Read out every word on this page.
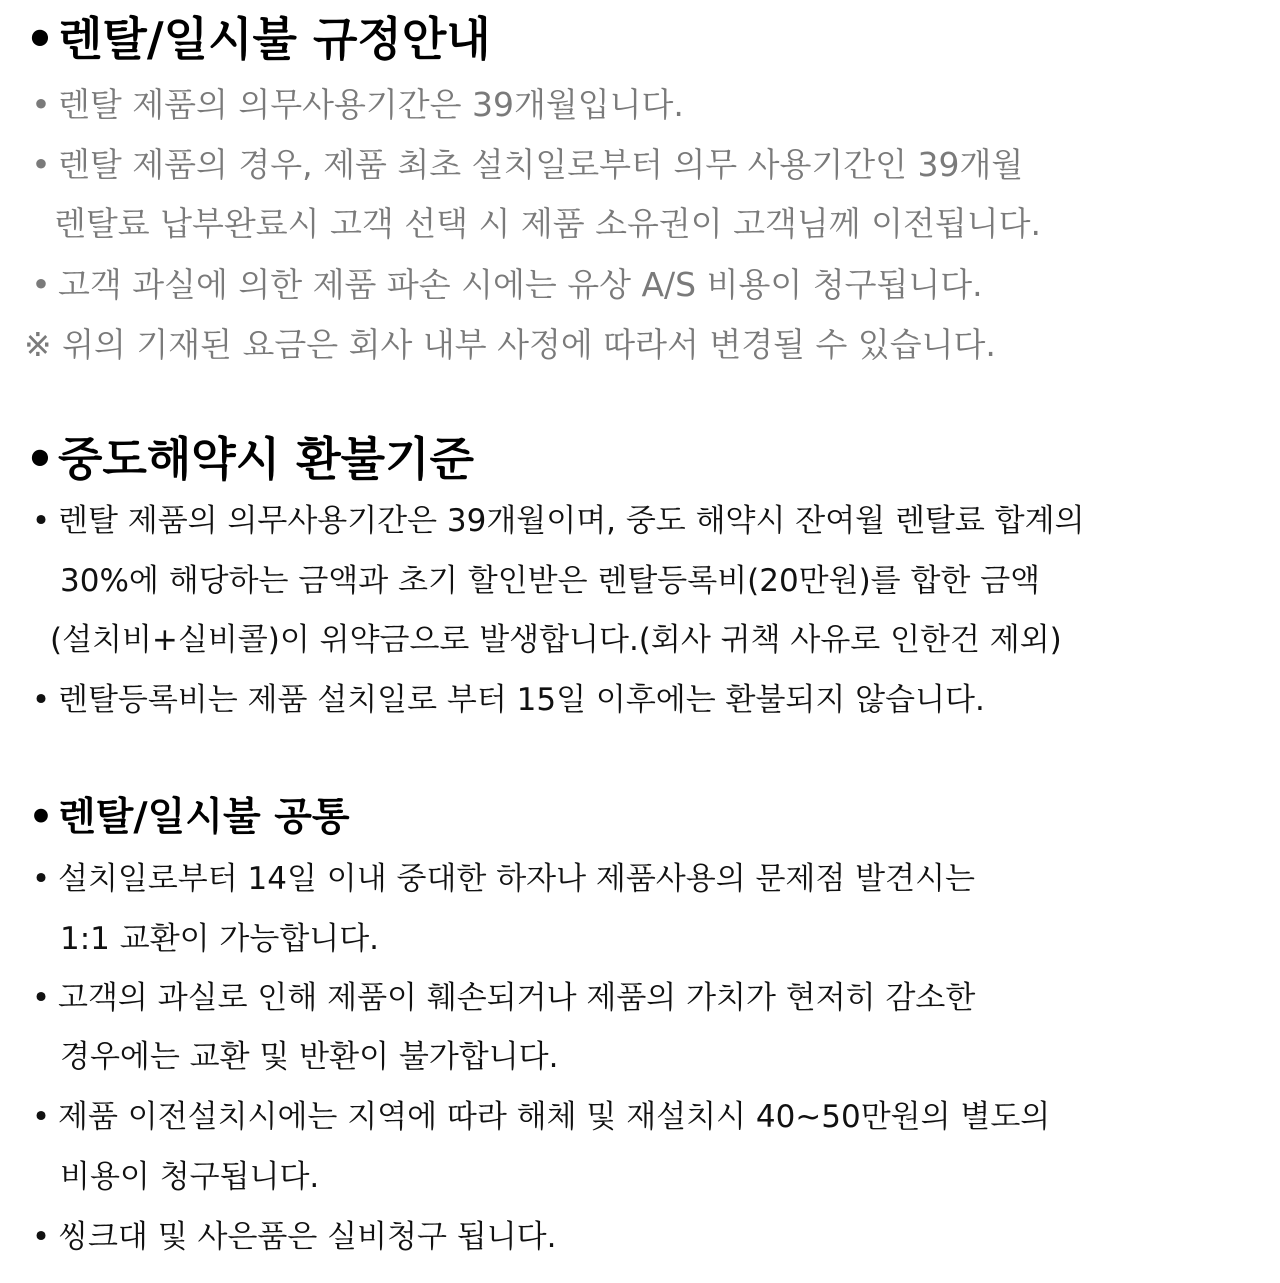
•렌탈/일시불 규정안내
• 렌탈 제품의 의무사용기간은 39개월입니다.
• 렌탈 제품의 경우, 제품 최초 설치일로부터 의무 사용기간인 39개월
렌탈료 납부완료시 고객 선택 시 제품 소유권이 고객님께 이전됩니다.
• 고객 과실에 의한 제품 파손 시에는 유상 A/S 비용이 청구됩니다.
※ 위의 기재된 요금은 회사 내부 사정에 따라서 변경될 수 있습니다.
•중도해약시 환불기준
• 렌탈 제품의 의무사용기간은 39개월이며, 중도 해약시 잔여월 렌탈료 합계의
30%에 해당하는 금액과 초기 할인받은 렌탈등록비(20만원)를 합한 금액
(설치비+실비콜)이 위약금으로 발생합니다.(회사 귀책 사유로 인한건 제외)
• 렌탈등록비는 제품 설치일로 부터 15일 이후에는 환불되지 않습니다.
• 렌탈/일시불 공통
• 설치일로부터 14일 이내 중대한 하자나 제품사용의 문제점 발견시는
1:1 교환이 가능합니다.
• 고객의 과실로 인해 제품이 훼손되거나 제품의 가치가 현저히 감소한
경우에는 교환 및 반환이 불가합니다.
• 제품 이전설치시에는 지역에 따라 해체 및 재설치시 40~50만원의 별도의
비용이 청구됩니다.
• 씽크대 및 사은품은 실비청구 됩니다.
